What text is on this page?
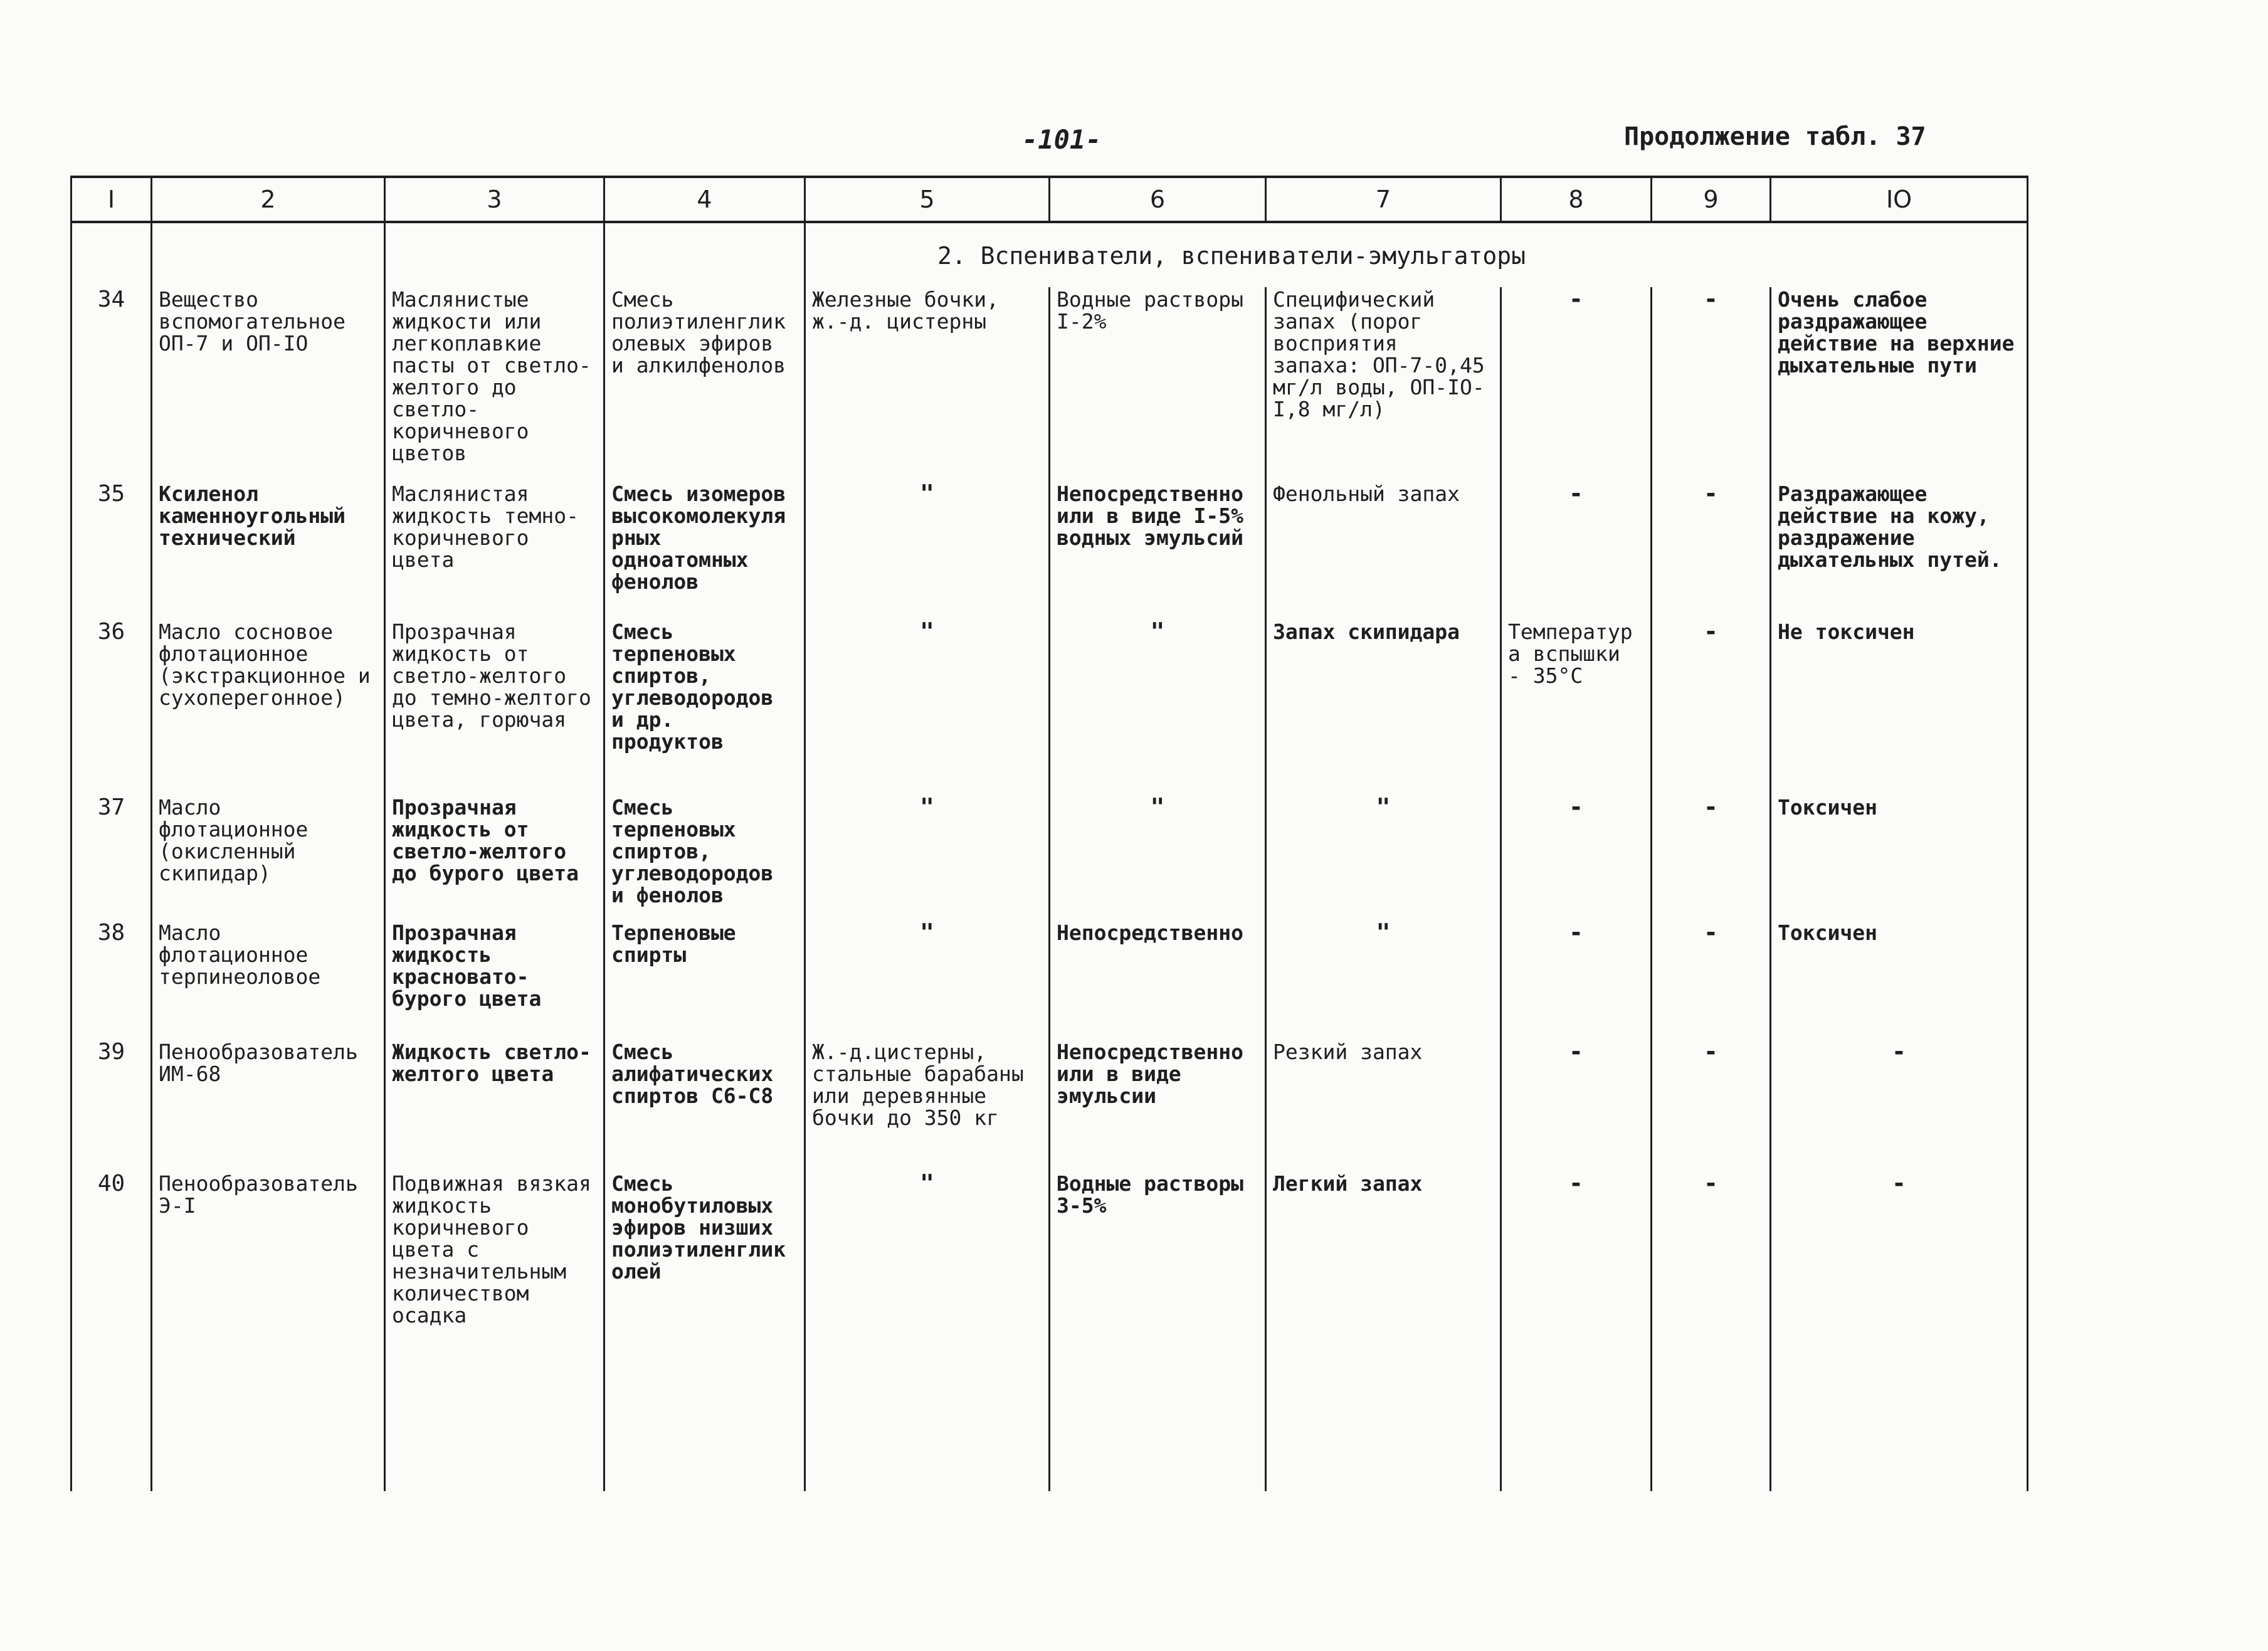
-101-	Продолжение табл. 37
I	2	3	4	5	6	7	8	9	IO
				2. Вспениватели, вспениватели-эмульгаторы					
34	Вещество вспомогательное ОП-7 и ОП-IO	Маслянистые жидкости или легкоплавкие пасты от светло-желтого до светло-коричневого цветов	Смесь полиэтиленгликолевых эфиров и алкилфенолов	Железные бочки, ж.-д. цистерны	Водные растворы I-2%	Специфический запах (порог восприятия запаха: ОП-7-0,45 мг/л воды, ОП-IO-I,8 мг/л)	-	-	Очень слабое раздражающее действие на верхние дыхательные пути
35	Ксиленол каменноугольный технический	Маслянистая жидкость темно-коричневого цвета	Смесь изомеров высокомолекулярных одноатомных фенолов	"	Непосредственно или в виде I-5% водных эмульсий	Фенольный запах	-	-	Раздражающее действие на кожу, раздражение дыхательных путей.
36	Масло сосновое флотационное (экстракционное и сухоперегонное)	Прозрачная жидкость от светло-желтого до темно-желтого цвета, горючая	Смесь терпеновых спиртов, углеводородов и др. продуктов	"	"	Запах скипидара	Температура вспышки - 35°С	-	Не токсичен
37	Масло флотационное (окисленный скипидар)	Прозрачная жидкость от светло-желтого до бурого цвета	Смесь терпеновых спиртов, углеводородов и фенолов	"	"	"	-	-	Токсичен
38	Масло флотационное терпинеоловое	Прозрачная жидкость красновато-бурого цвета	Терпеновые спирты	"	Непосредственно	"	-	-	Токсичен
39	Пенообразователь ИМ-68	Жидкость светло-желтого цвета	Смесь алифатических спиртов С6-С8	Ж.-д.цистерны, стальные барабаны или деревянные бочки до 350 кг	Непосредственно или в виде эмульсии	Резкий запах	-	-	-
40	Пенообразователь Э-I	Подвижная вязкая жидкость коричневого цвета с незначительным количеством осадка	Смесь монобутиловых эфиров низших полиэтиленгликолей	"	Водные растворы 3-5%	Легкий запах	-	-	-
